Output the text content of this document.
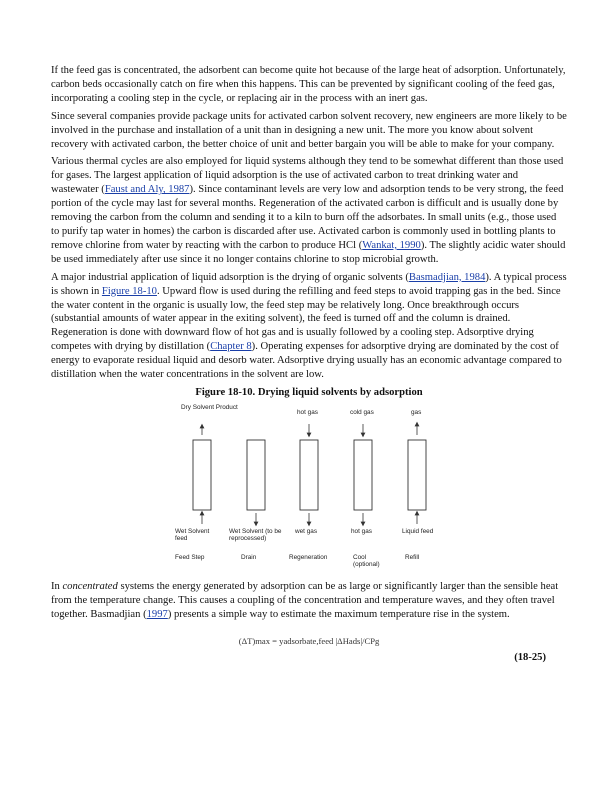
If the feed gas is concentrated, the adsorbent can become quite hot because of the large heat of adsorption. Unfortunately, carbon beds occasionally catch on fire when this happens. This can be prevented by significant cooling of the feed gas, incorporating a cooling step in the cycle, or replacing air in the process with an inert gas.

Since several companies provide package units for activated carbon solvent recovery, new engineers are more likely to be involved in the purchase and installation of a unit than in designing a new unit. The more you know about solvent recovery with activated carbon, the better choice of unit and better bargain you will be able to make for your company.

Various thermal cycles are also employed for liquid systems although they tend to be somewhat different than those used for gases. The largest application of liquid adsorption is the use of activated carbon to treat drinking water and wastewater (Faust and Aly, 1987). Since contaminant levels are very low and adsorption tends to be very strong, the feed portion of the cycle may last for several months. Regeneration of the activated carbon is difficult and is usually done by removing the carbon from the column and sending it to a kiln to burn off the adsorbates. In small units (e.g., those used to purify tap water in homes) the carbon is discarded after use. Activated carbon is commonly used in bottling plants to remove chlorine from water by reacting with the carbon to produce HCl (Wankat, 1990). The slightly acidic water should be used immediately after use since it no longer contains chlorine to stop microbial growth.

A major industrial application of liquid adsorption is the drying of organic solvents (Basmadjian, 1984). A typical process is shown in Figure 18-10. Upward flow is used during the refilling and feed steps to avoid trapping gas in the bed. Since the water content in the organic is usually low, the feed step may be relatively long. Once breakthrough occurs (substantial amounts of water appear in the exiting solvent), the feed is turned off and the column is drained. Regeneration is done with downward flow of hot gas and is usually followed by a cooling step. Adsorptive drying competes with drying by distillation (Chapter 8). Operating expenses for adsorptive drying are dominated by the cost of energy to evaporate residual liquid and desorb water. Adsorptive drying usually has an economic advantage compared to distillation when the water concentrations in the solvent are low.

Figure 18-10. Drying liquid solvents by adsorption
Dry Solvent Product
hot gas	cold gas	gas
Wet Solvent feed
Wet Solvent (to be reprocessed)
wet gas	hot gas	Liquid feed
Feed Step	Drain	Regeneration	Cool (optional)
Refill

In concentrated systems the energy generated by adsorption can be as large or significantly larger than the sensible heat from the temperature change. This causes a coupling of the concentration and temperature waves, and they often travel together. Basmadjian (1997) presents a simple way to estimate the maximum temperature rise in the system.

(ΔT)max = yadsorbate,feed |ΔHads|/CPg
(18-25)
